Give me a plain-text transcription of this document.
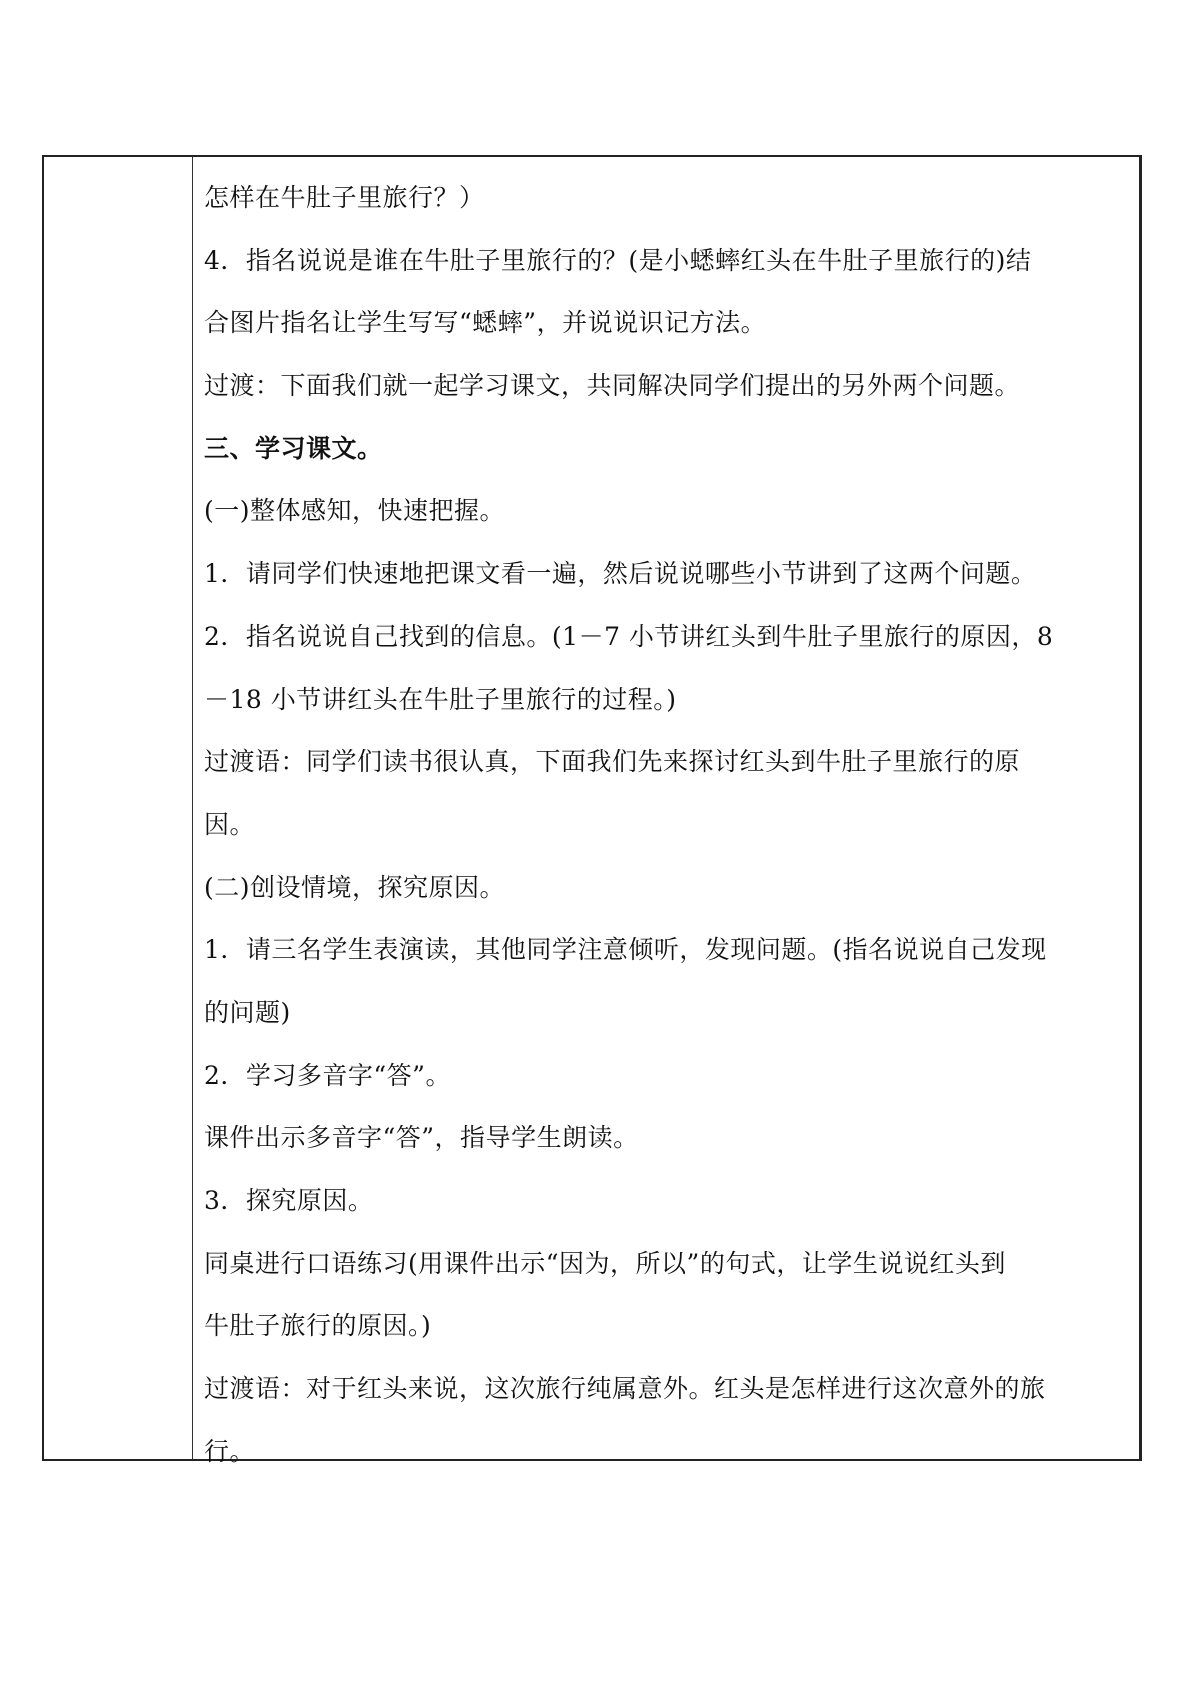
怎样在牛肚子里旅行？）
4．指名说说是谁在牛肚子里旅行的？(是小蟋蟀红头在牛肚子里旅行的)结
合图片指名让学生写写“蟋蟀”，并说说识记方法。
过渡：下面我们就一起学习课文，共同解决同学们提出的另外两个问题。
三、学习课文。
(一)整体感知，快速把握。
1．请同学们快速地把课文看一遍，然后说说哪些小节讲到了这两个问题。
2．指名说说自己找到的信息。(1－7 小节讲红头到牛肚子里旅行的原因，8
－18 小节讲红头在牛肚子里旅行的过程。)
过渡语：同学们读书很认真，下面我们先来探讨红头到牛肚子里旅行的原
因。
(二)创设情境，探究原因。
1．请三名学生表演读，其他同学注意倾听，发现问题。(指名说说自己发现
的问题)
2．学习多音字“答”。
课件出示多音字“答”，指导学生朗读。
3．探究原因。
同桌进行口语练习(用课件出示“因为，所以”的句式，让学生说说红头到
牛肚子旅行的原因。)
过渡语：对于红头来说，这次旅行纯属意外。红头是怎样进行这次意外的旅
行。
